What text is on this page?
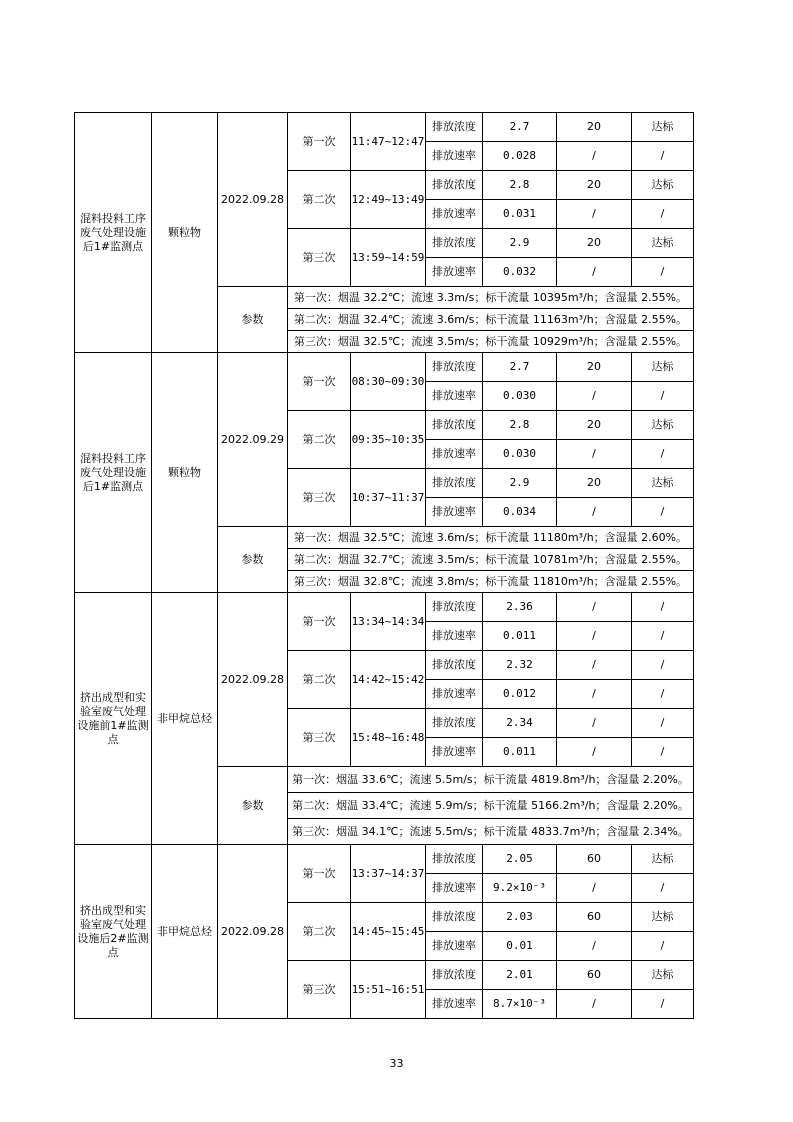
混料投料工序废气处理设施后1#监测点	颗粒物	2022.09.28	第一次	11:47~12:47	排放浓度	2.7	20	达标
					排放速率	0.028	/	/
			第二次	12:49~13:49	排放浓度	2.8	20	达标
					排放速率	0.031	/	/
			第三次	13:59~14:59	排放浓度	2.9	20	达标
					排放速率	0.032	/	/
		参数	第一次：烟温 32.2℃；流速 3.3m/s；标干流量 10395m³/h；含湿量 2.55%。					
			第二次：烟温 32.4℃；流速 3.6m/s；标干流量 11163m³/h；含湿量 2.55%。					
			第三次：烟温 32.5℃；流速 3.5m/s；标干流量 10929m³/h；含湿量 2.55%。					
混料投料工序废气处理设施后1#监测点	颗粒物	2022.09.29	第一次	08:30~09:30	排放浓度	2.7	20	达标
					排放速率	0.030	/	/
			第二次	09:35~10:35	排放浓度	2.8	20	达标
					排放速率	0.030	/	/
			第三次	10:37~11:37	排放浓度	2.9	20	达标
					排放速率	0.034	/	/
		参数	第一次：烟温 32.5℃；流速 3.6m/s；标干流量 11180m³/h；含湿量 2.60%。					
			第二次：烟温 32.7℃；流速 3.5m/s；标干流量 10781m³/h；含湿量 2.55%。					
			第三次：烟温 32.8℃；流速 3.8m/s；标干流量 11810m³/h；含湿量 2.55%。					
挤出成型和实验室废气处理设施前1#监测点	非甲烷总烃	2022.09.28	第一次	13:34~14:34	排放浓度	2.36	/	/
					排放速率	0.011	/	/
			第二次	14:42~15:42	排放浓度	2.32	/	/
					排放速率	0.012	/	/
			第三次	15:48~16:48	排放浓度	2.34	/	/
					排放速率	0.011	/	/
		参数	第一次：烟温 33.6℃；流速 5.5m/s；标干流量 4819.8m³/h；含湿量 2.20%。					
			第二次：烟温 33.4℃；流速 5.9m/s；标干流量 5166.2m³/h；含湿量 2.20%。					
			第三次：烟温 34.1℃；流速 5.5m/s；标干流量 4833.7m³/h；含湿量 2.34%。					
挤出成型和实验室废气处理设施后2#监测点	非甲烷总烃	2022.09.28	第一次	13:37~14:37	排放浓度	2.05	60	达标
					排放速率	9.2×10⁻³	/	/
			第二次	14:45~15:45	排放浓度	2.03	60	达标
					排放速率	0.01	/	/
			第三次	15:51~16:51	排放浓度	2.01	60	达标
					排放速率	8.7×10⁻³	/	/
33
